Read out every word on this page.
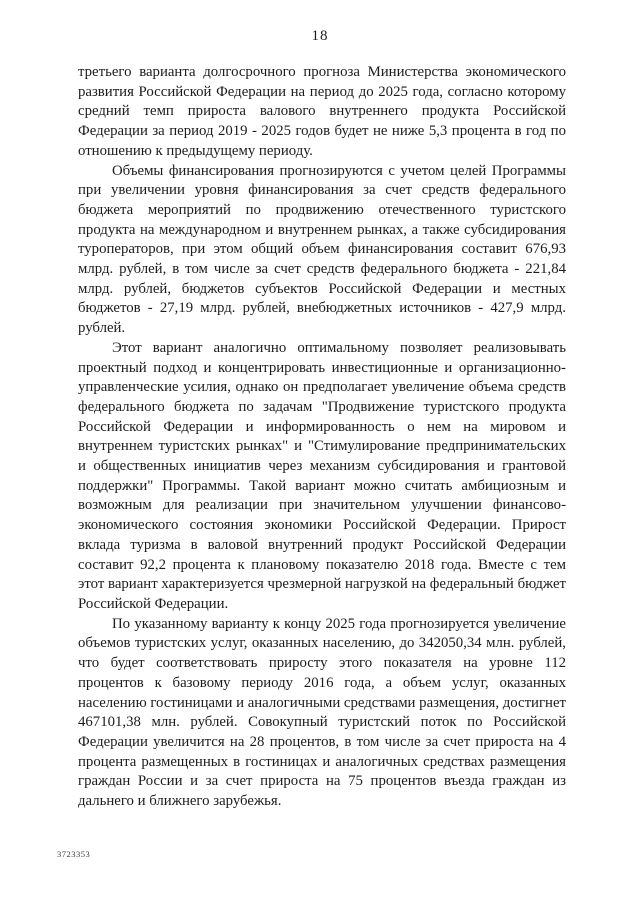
18

третьего варианта долгосрочного прогноза Министерства экономического развития Российской Федерации на период до 2025 года, согласно которому средний темп прироста валового внутреннего продукта Российской Федерации за период 2019 - 2025 годов будет не ниже 5,3 процента в год по отношению к предыдущему периоду.

Объемы финансирования прогнозируются с учетом целей Программы при увеличении уровня финансирования за счет средств федерального бюджета мероприятий по продвижению отечественного туристского продукта на международном и внутреннем рынках, а также субсидирования туроператоров, при этом общий объем финансирования составит 676,93 млрд. рублей, в том числе за счет средств федерального бюджета - 221,84 млрд. рублей, бюджетов субъектов Российской Федерации и местных бюджетов - 27,19 млрд. рублей, внебюджетных источников - 427,9 млрд. рублей.

Этот вариант аналогично оптимальному позволяет реализовывать проектный подход и концентрировать инвестиционные и организационно-управленческие усилия, однако он предполагает увеличение объема средств федерального бюджета по задачам "Продвижение туристского продукта Российской Федерации и информированность о нем на мировом и внутреннем туристских рынках" и "Стимулирование предпринимательских и общественных инициатив через механизм субсидирования и грантовой поддержки" Программы. Такой вариант можно считать амбициозным и возможным для реализации при значительном улучшении финансово-экономического состояния экономики Российской Федерации. Прирост вклада туризма в валовой внутренний продукт Российской Федерации составит 92,2 процента к плановому показателю 2018 года. Вместе с тем этот вариант характеризуется чрезмерной нагрузкой на федеральный бюджет Российской Федерации.

По указанному варианту к концу 2025 года прогнозируется увеличение объемов туристских услуг, оказанных населению, до 342050,34 млн. рублей, что будет соответствовать приросту этого показателя на уровне 112 процентов к базовому периоду 2016 года, а объем услуг, оказанных населению гостиницами и аналогичными средствами размещения, достигнет 467101,38 млн. рублей. Совокупный туристский поток по Российской Федерации увеличится на 28 процентов, в том числе за счет прироста на 4 процента размещенных в гостиницах и аналогичных средствах размещения граждан России и за счет прироста на 75 процентов въезда граждан из дальнего и ближнего зарубежья.

3723353
